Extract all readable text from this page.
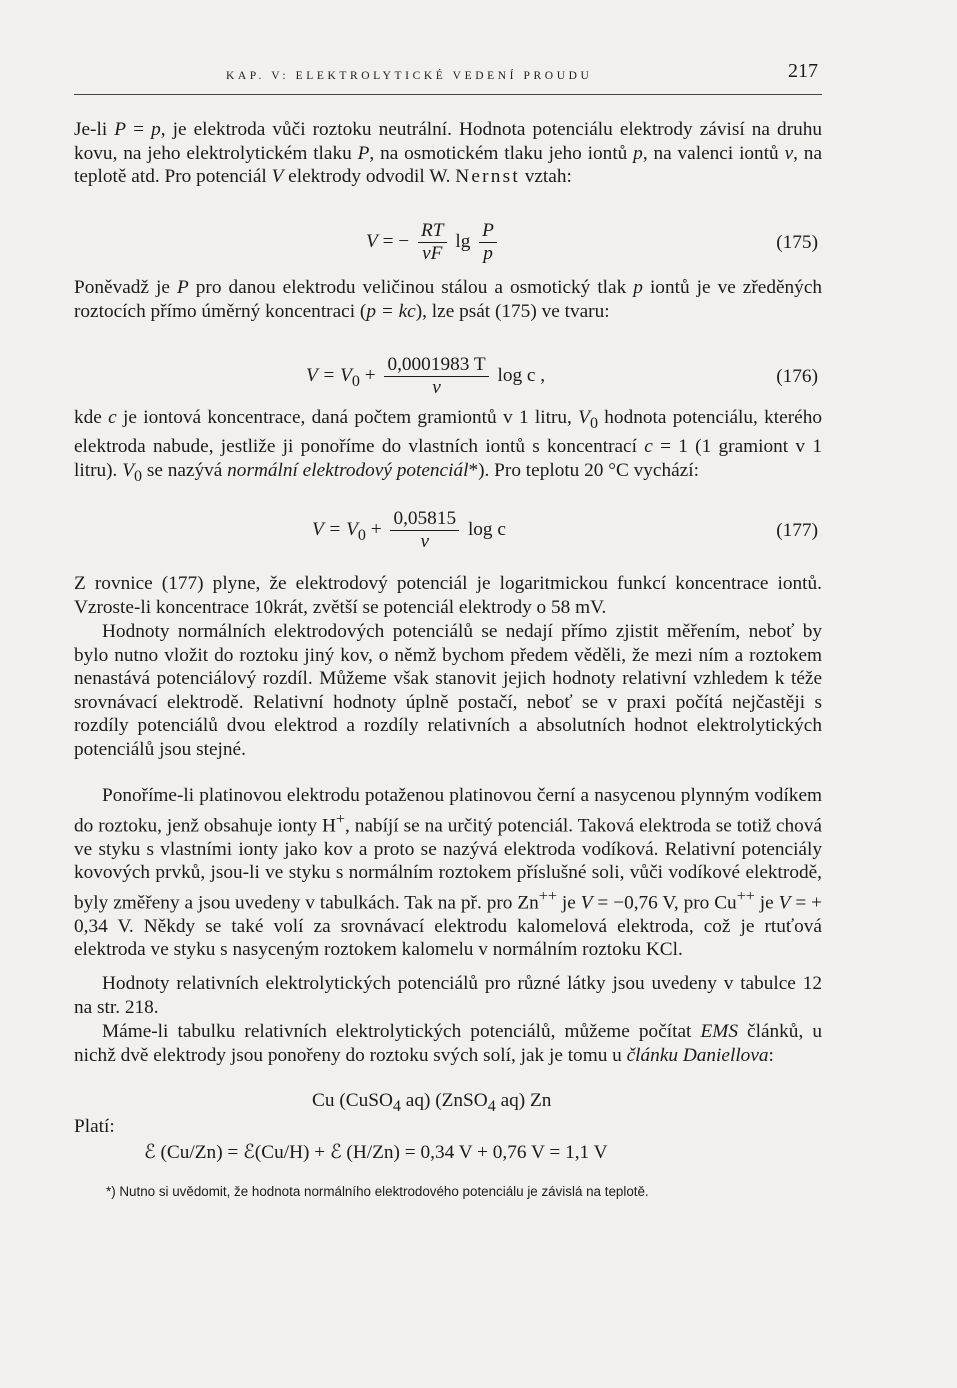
KAP. V: ELEKTROLYTICKÉ VEDENÍ PROUDU	217

Je-li P = p, je elektroda vůči roztoku neutrální. Hodnota potenciálu elektrody závisí na druhu kovu, na jeho elektrolytickém tlaku P, na osmotickém tlaku jeho iontů p, na valenci iontů v, na teplotě atd. Pro potenciál V elektrody odvodil W. Nernst vztah:

V = − $\frac{RT}{vF}$ $\lg \frac{P}{p}$	(175)

Poněvadž je P pro danou elektrodu veličinou stálou a osmotický tlak p iontů je ve zředěných roztocích přímo úměrný koncentraci (p = kc), lze psát (175) ve tvaru:

$V = V_0 + \frac{0,0001983 T}{v}$ log c ,	(176)

kde c je iontová koncentrace, daná počtem gramiontů v 1 litru, $V_0$ hodnota potenciálu, kterého elektroda nabude, jestliže ji ponoříme do vlastních iontů s koncentrací c = 1 (1 gramiont v 1 litru). $V_0$ se nazývá normální elektrodový potenciál*). Pro teplotu 20 °C vychází:

$V = V_0 + \frac{0,05815}{v}$ log c	(177)

Z rovnice (177) plyne, že elektrodový potenciál je logaritmickou funkcí koncentrace iontů. Vzroste-li koncentrace 10krát, zvětší se potenciál elektrody o 58 mV.

Hodnoty normálních elektrodových potenciálů se nedají přímo zjistit měřením, neboť by bylo nutno vložit do roztoku jiný kov, o němž bychom předem věděli, že mezi ním a roztokem nenastává potenciálový rozdíl. Můžeme však stanovit jejich hodnoty relativní vzhledem k téže srovnávací elektrodě. Relativní hodnoty úplně postačí, neboť se v praxi počítá nejčastěji s rozdíly potenciálů dvou elektrod a rozdíly relativních a absolutních hodnot elektrolytických potenciálů jsou stejné.

Ponoříme-li platinovou elektrodu potaženou platinovou černí a nasycenou plynným vodíkem do roztoku, jenž obsahuje ionty H+, nabíjí se na určitý potenciál. Taková elektroda se totiž chová ve styku s vlastními ionty jako kov a proto se nazývá elektroda vodíková. Relativní potenciály kovových prvků, jsou-li ve styku s normálním roztokem příslušné soli, vůči vodíkové elektrodě, byly změřeny a jsou uvedeny v tabulkách. Tak na př. pro Zn++ je V = −0,76 V, pro Cu++ je V = + 0,34 V. Někdy se také volí za srovnávací elektrodu kalomelová elektroda, což je rtuťová elektroda ve styku s nasyceným roztokem kalomelu v normálním roztoku KCl.

Hodnoty relativních elektrolytických potenciálů pro různé látky jsou uvedeny v tabulce 12 na str. 218.

Máme-li tabulku relativních elektrolytických potenciálů, můžeme počítat EMS článků, u nichž dvě elektrody jsou ponořeny do roztoku svých solí, jak je tomu u článku Daniellova:

Cu (CuSO$_4$ aq) (ZnSO$_4$ aq) Zn
Platí:
ℰ (Cu/Zn) = ℰ(Cu/H) + ℰ (H/Zn) = 0,34 V + 0,76 V = 1,1 V
*) Nutno si uvědomit, že hodnota normálního elektrodového potenciálu je závislá na teplotě.
